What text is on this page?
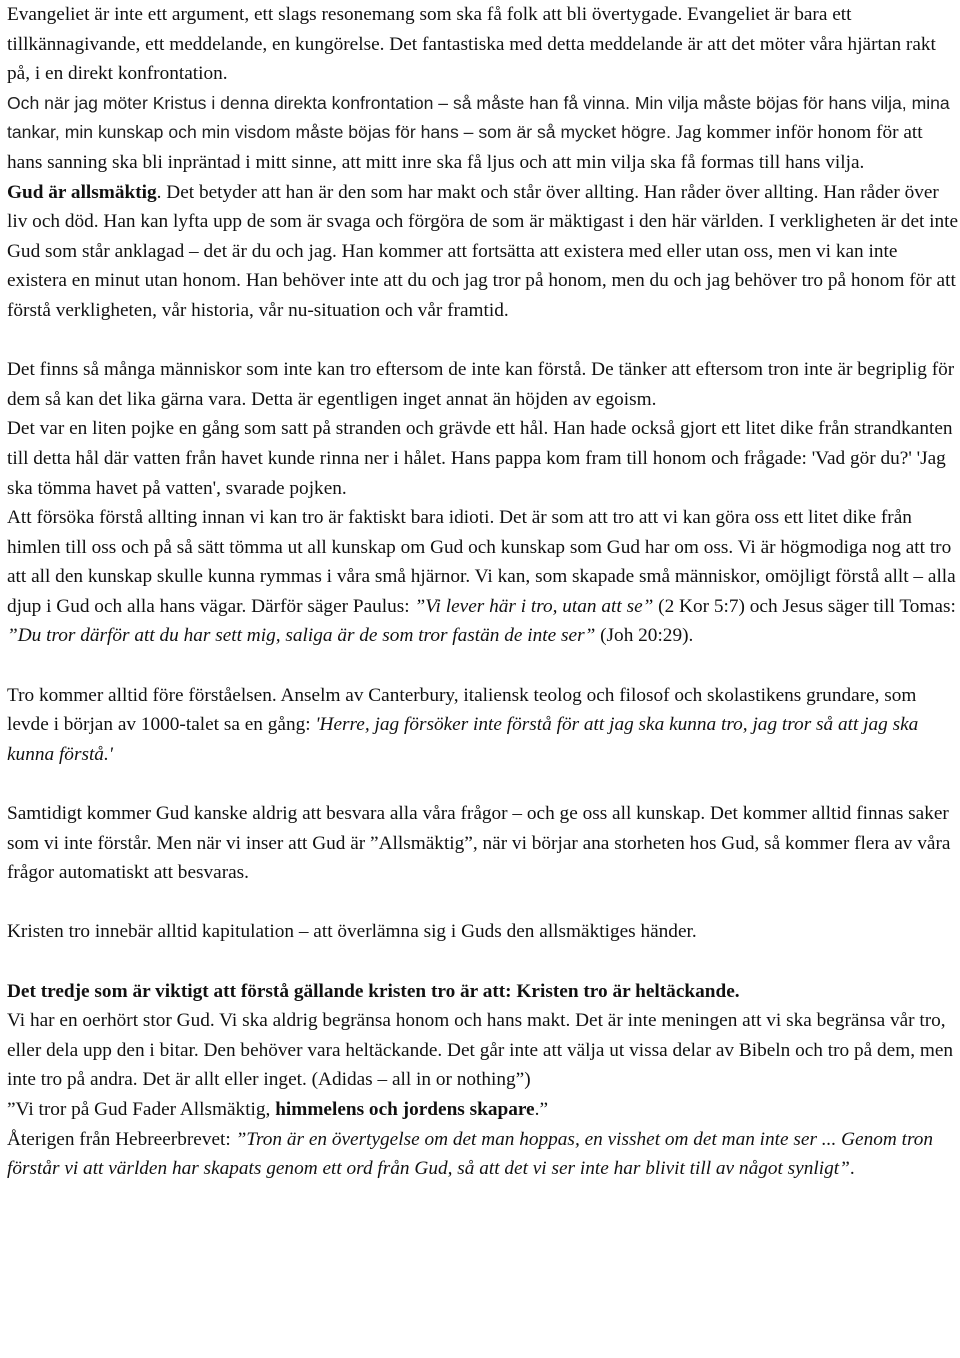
Evangeliet är inte ett argument, ett slags resonemang som ska få folk att bli övertygade. Evangeliet är bara ett tillkännagivande, ett meddelande, en kungörelse. Det fantastiska med detta meddelande är att det möter våra hjärtan rakt på, i en direkt konfrontation.

Och när jag möter Kristus i denna direkta konfrontation – så måste han få vinna. Min vilja måste böjas för hans vilja, mina tankar, min kunskap och min visdom måste böjas för hans – som är så mycket högre. Jag kommer inför honom för att hans sanning ska bli inpräntad i mitt sinne, att mitt inre ska få ljus och att min vilja ska få formas till hans vilja.

Gud är allsmäktig. Det betyder att han är den som har makt och står över allting. Han råder över allting. Han råder över liv och död. Han kan lyfta upp de som är svaga och förgöra de som är mäktigast i den här världen. I verkligheten är det inte Gud som står anklagad – det är du och jag. Han kommer att fortsätta att existera med eller utan oss, men vi kan inte existera en minut utan honom. Han behöver inte att du och jag tror på honom, men du och jag behöver tro på honom för att förstå verkligheten, vår historia, vår nu-situation och vår framtid.

Det finns så många människor som inte kan tro eftersom de inte kan förstå. De tänker att eftersom tron inte är begriplig för dem så kan det lika gärna vara. Detta är egentligen inget annat än höjden av egoism.

Det var en liten pojke en gång som satt på stranden och grävde ett hål. Han hade också gjort ett litet dike från strandkanten till detta hål där vatten från havet kunde rinna ner i hålet. Hans pappa kom fram till honom och frågade: 'Vad gör du?' 'Jag ska tömma havet på vatten', svarade pojken.

Att försöka förstå allting innan vi kan tro är faktiskt bara idioti. Det är som att tro att vi kan göra oss ett litet dike från himlen till oss och på så sätt tömma ut all kunskap om Gud och kunskap som Gud har om oss. Vi är högmodiga nog att tro att all den kunskap skulle kunna rymmas i våra små hjärnor. Vi kan, som skapade små människor, omöjligt förstå allt – alla djup i Gud och alla hans vägar. Därför säger Paulus: ”Vi lever här i tro, utan att se” (2 Kor 5:7) och Jesus säger till Tomas: ”Du tror därför att du har sett mig, saliga är de som tror fastän de inte ser” (Joh 20:29).

Tro kommer alltid före förståelsen. Anselm av Canterbury, italiensk teolog och filosof och skolastikens grundare, som levde i början av 1000-talet sa en gång: 'Herre, jag försöker inte förstå för att jag ska kunna tro, jag tror så att jag ska kunna förstå.'

Samtidigt kommer Gud kanske aldrig att besvara alla våra frågor – och ge oss all kunskap. Det kommer alltid finnas saker som vi inte förstår. Men när vi inser att Gud är ”Allsmäktig”, när vi börjar ana storheten hos Gud, så kommer flera av våra frågor automatiskt att besvaras.

Kristen tro innebär alltid kapitulation – att överlämna sig i Guds den allsmäktiges händer.

Det tredje som är viktigt att förstå gällande kristen tro är att: Kristen tro är heltäckande.

Vi har en oerhört stor Gud. Vi ska aldrig begränsa honom och hans makt. Det är inte meningen att vi ska begränsa vår tro, eller dela upp den i bitar. Den behöver vara heltäckande. Det går inte att välja ut vissa delar av Bibeln och tro på dem, men inte tro på andra. Det är allt eller inget. (Adidas – all in or nothing”)

”Vi tror på Gud Fader Allsmäktig, himmelens och jordens skapare.”

Återigen från Hebreerbrevet: ”Tron är en övertygelse om det man hoppas, en visshet om det man inte ser ... Genom tron förstår vi att världen har skapats genom ett ord från Gud, så att det vi ser inte har blivit till av något synligt”.
